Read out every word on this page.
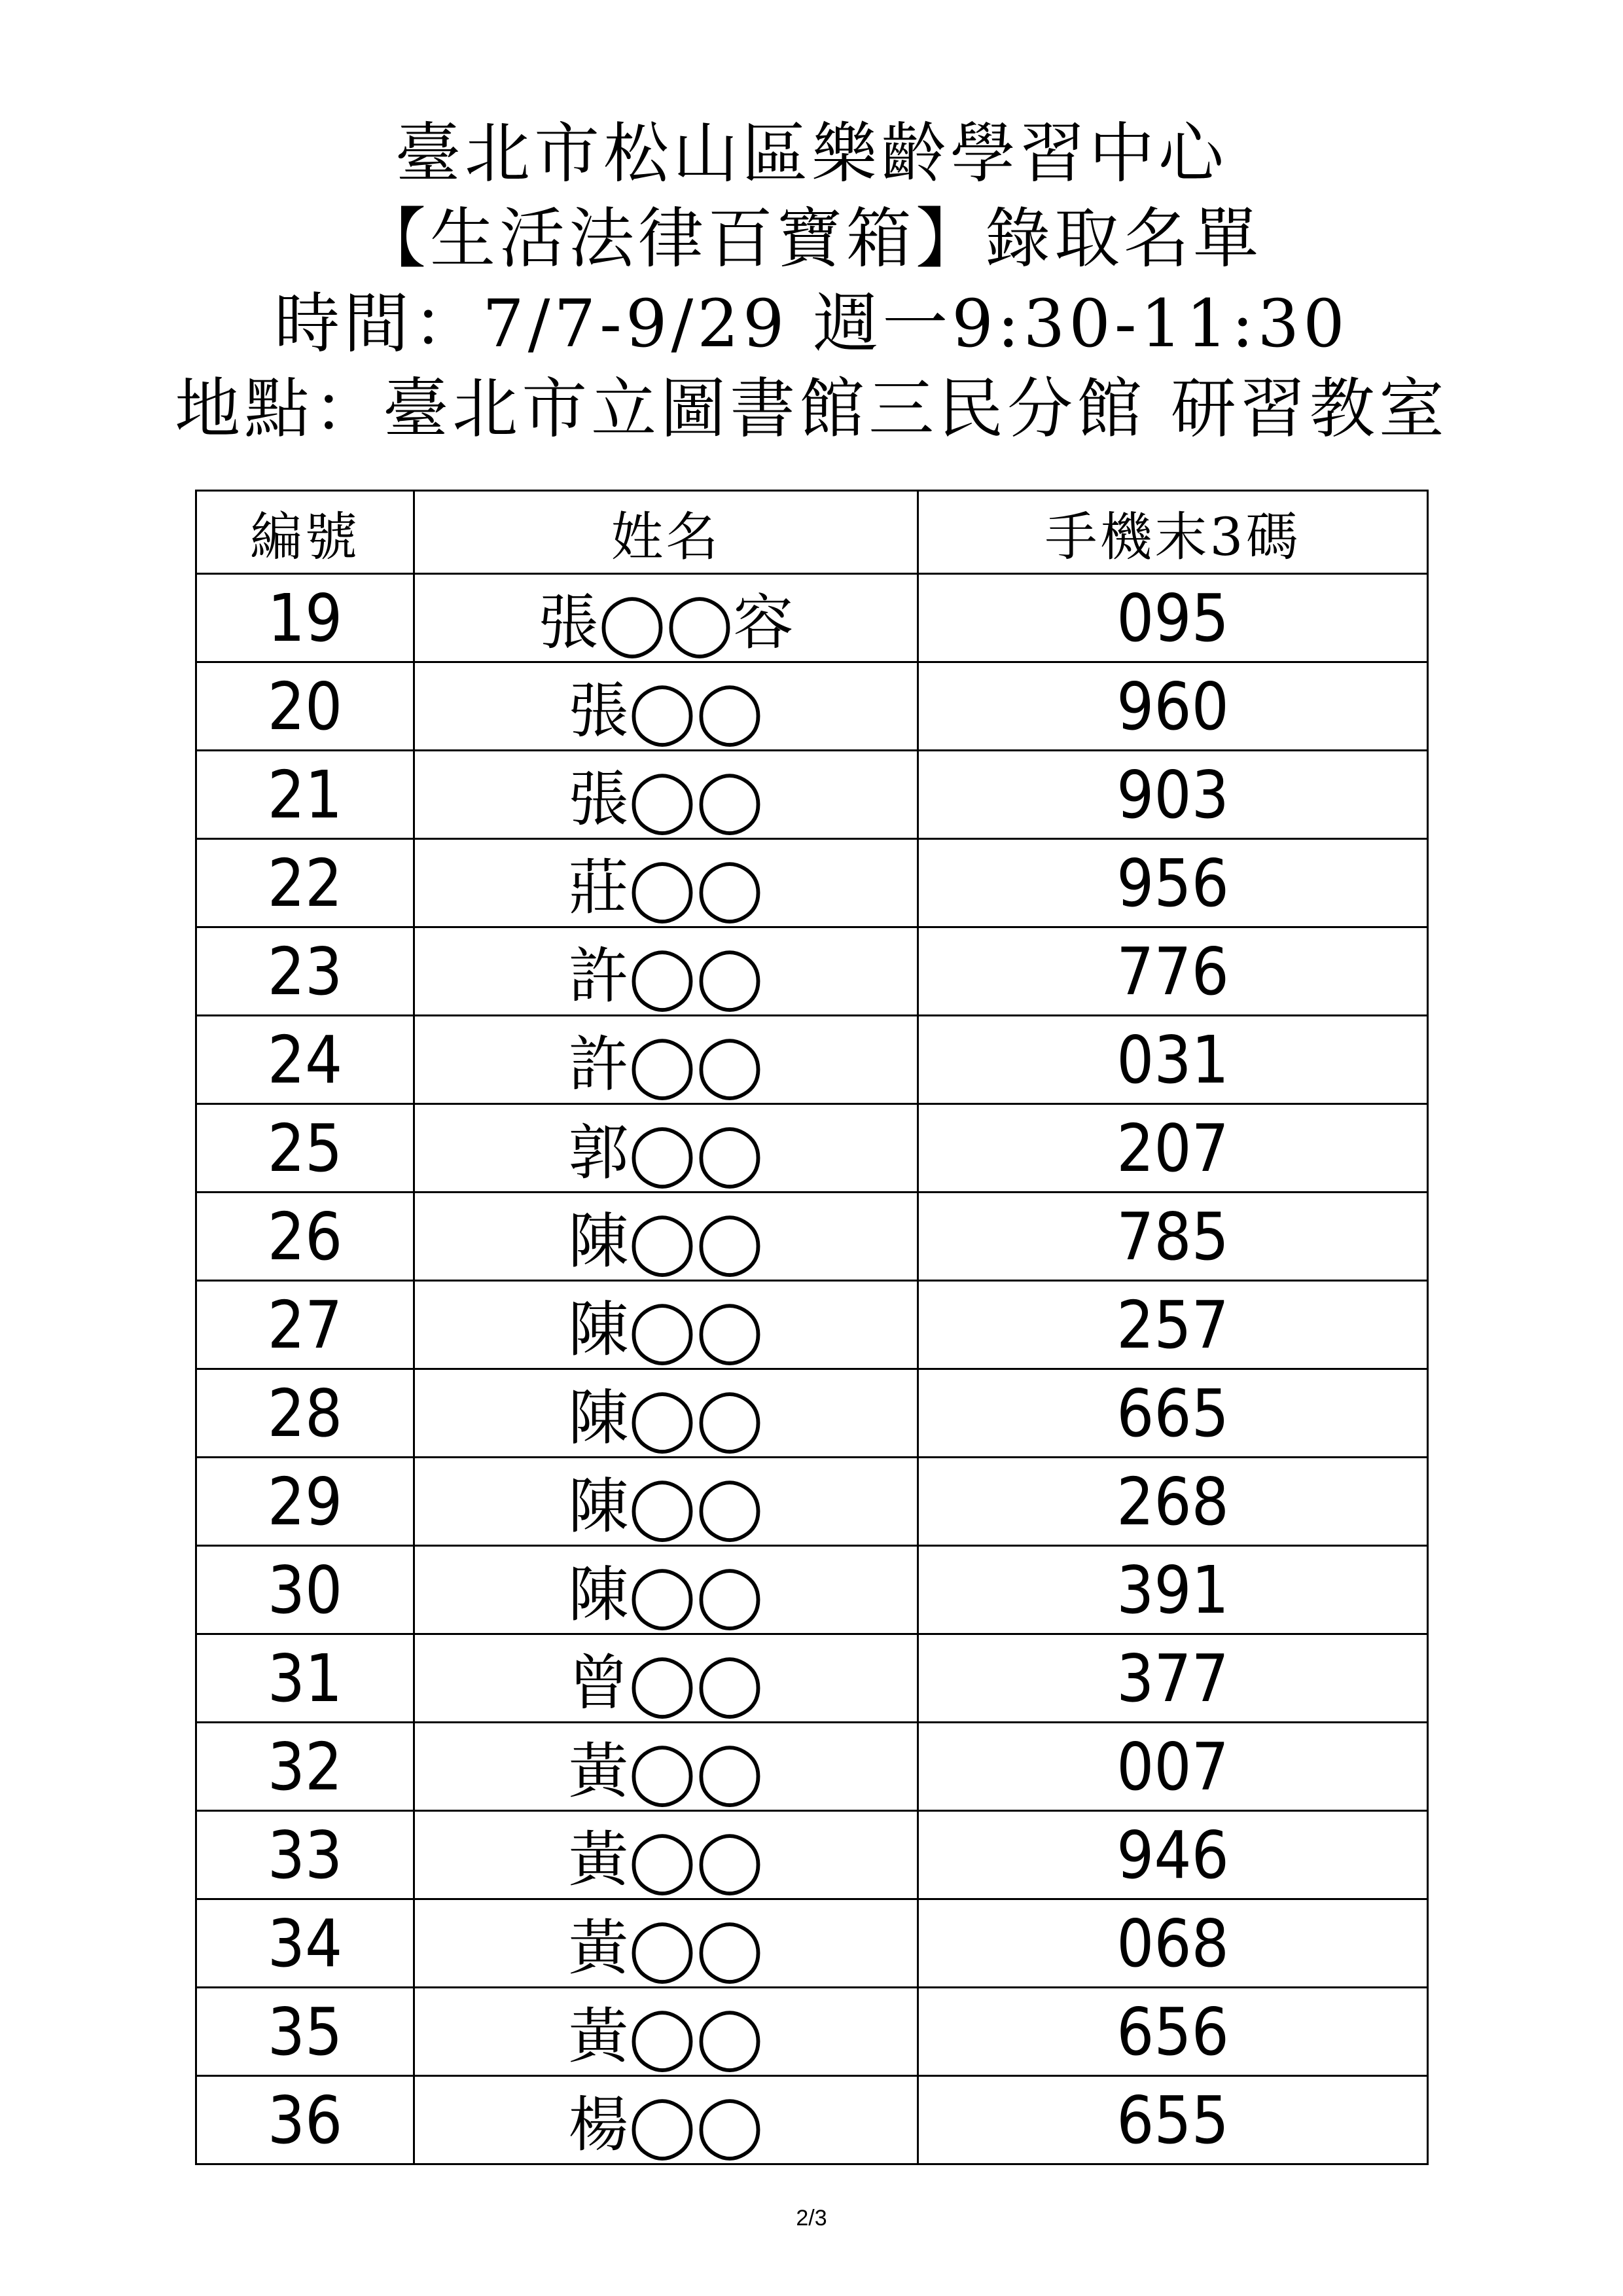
臺北市松山區樂齡學習中心
【生活法律百寶箱】錄取名單
時間：7/7-9/29 週一9:30-11:30
地點：臺北市立圖書館三民分館 研習教室
編號	姓名	手機末3碼
19	張◯◯容	095
20	張◯◯	960
21	張◯◯	903
22	莊◯◯	956
23	許◯◯	776
24	許◯◯	031
25	郭◯◯	207
26	陳◯◯	785
27	陳◯◯	257
28	陳◯◯	665
29	陳◯◯	268
30	陳◯◯	391
31	曾◯◯	377
32	黃◯◯	007
33	黃◯◯	946
34	黃◯◯	068
35	黃◯◯	656
36	楊◯◯	655
2/3
